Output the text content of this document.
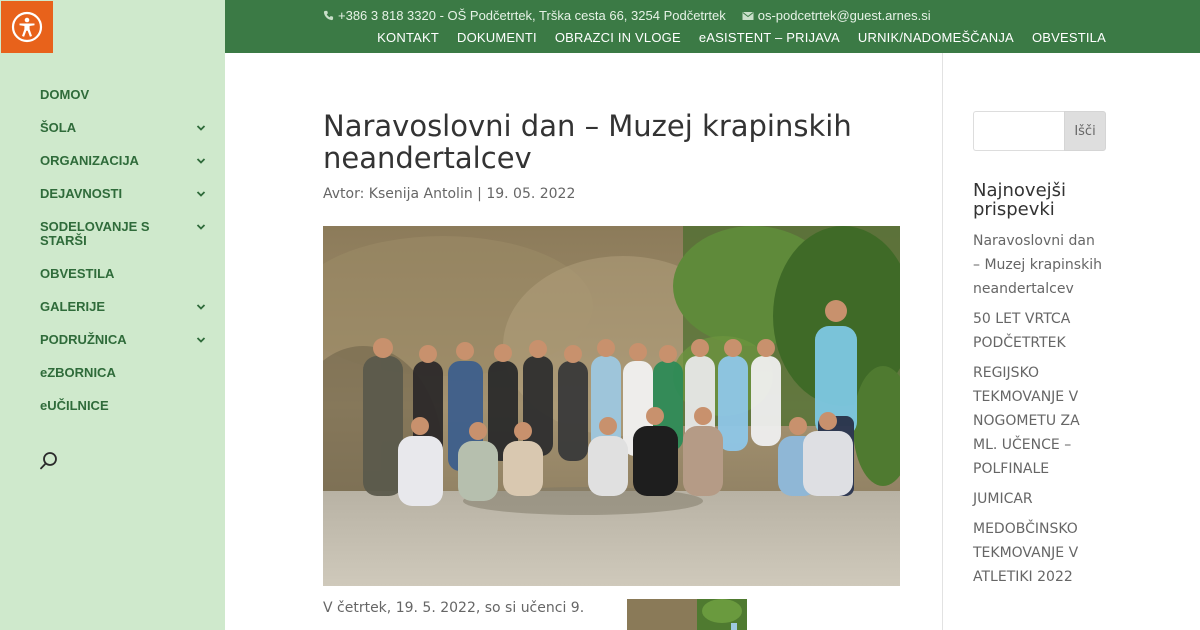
DOMOV
ŠOLA
ORGANIZACIJA
DEJAVNOSTI
SODELOVANJE S STARŠI
OBVESTILA
GALERIJE
PODRUŽNICA
eZBORNICA
eUČILNICE
+386 3 818 3320 - OŠ Podčetrtek, Trška cesta 66, 3254 Podčetrtek os-podcetrtek@guest.arnes.si
KONTAKT DOKUMENTI OBRAZCI IN VLOGE eASISTENT – PRIJAVA URNIK/NADOMEŠČANJA OBVESTILA
Naravoslovni dan – Muzej krapinskih neandertalcev
Avtor: Ksenija Antolin | 19. 05. 2022
V četrtek, 19. 5. 2022, so si učenci 9.
Išči
Najnovejši prispevki
Naravoslovni dan – Muzej krapinskih neandertalcev
50 LET VRTCA PODČETRTEK
REGIJSKO TEKMOVANJE V NOGOMETU ZA ML. UČENCE – POLFINALE
JUMICAR
MEDOBČINSKO TEKMOVANJE V ATLETIKI 2022
